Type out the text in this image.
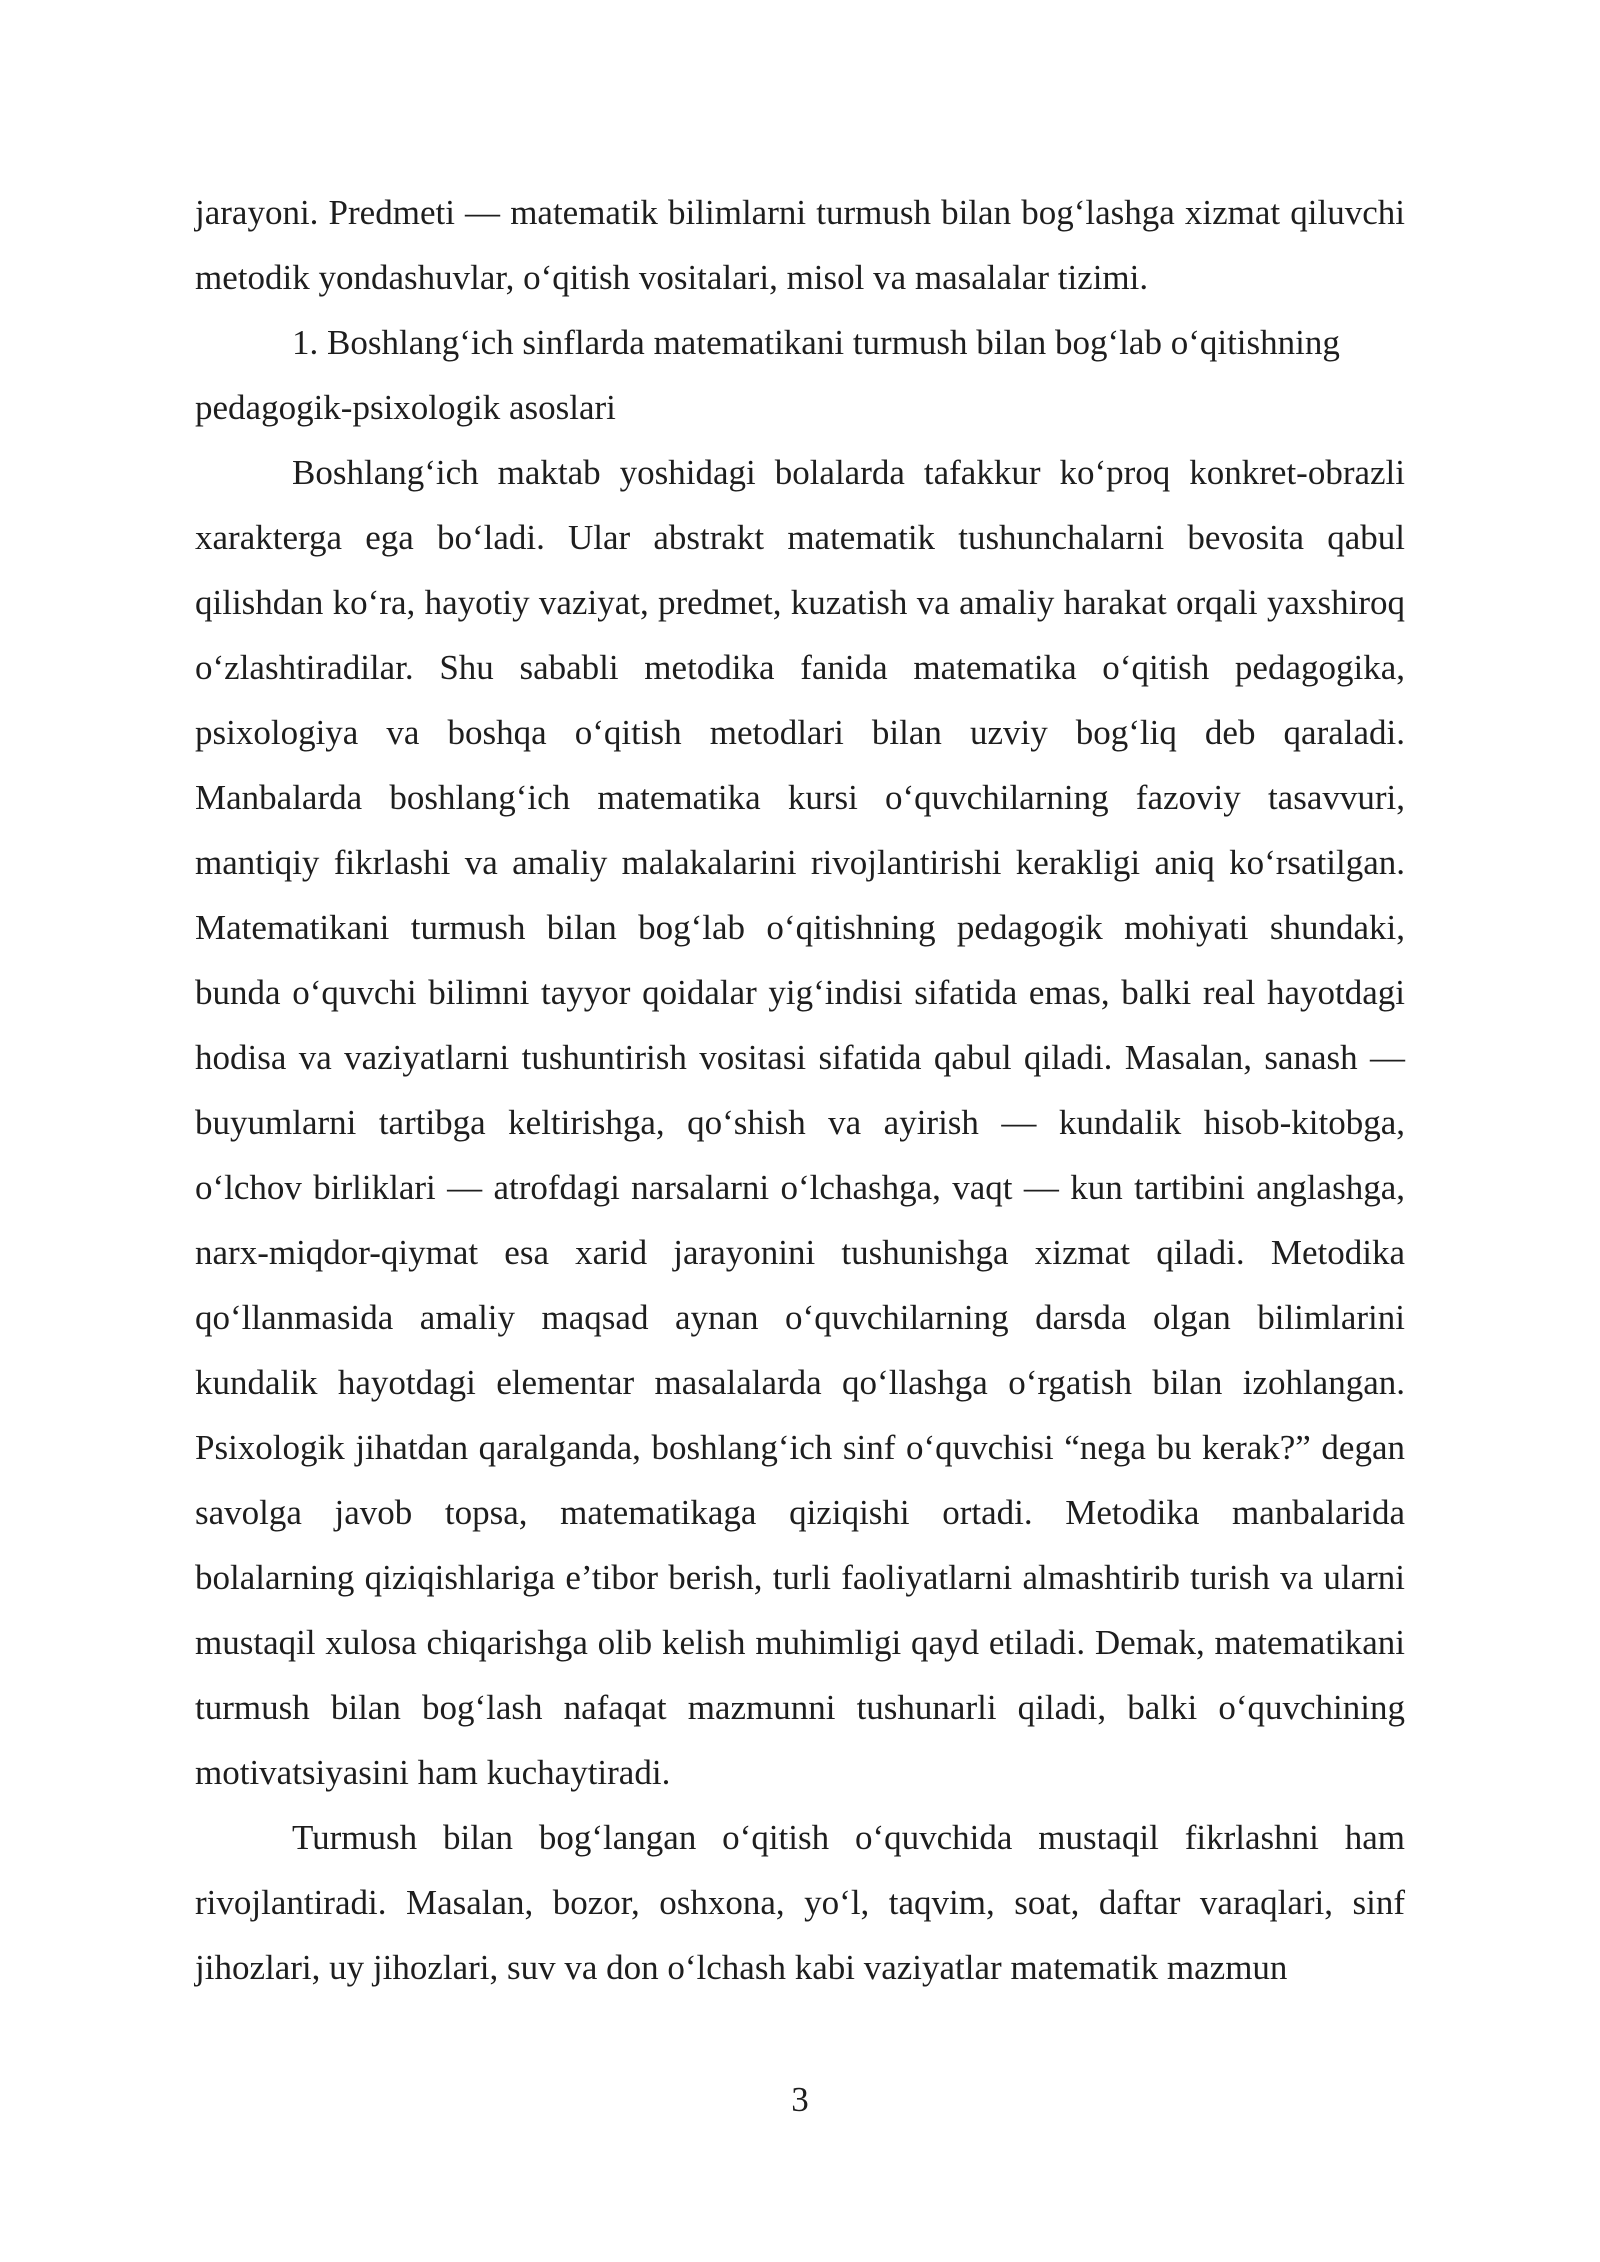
jarayoni. Predmeti — matematik bilimlarni turmush bilan bog‘lashga xizmat qiluvchi metodik yondashuvlar, o‘qitish vositalari, misol va masalalar tizimi.

1. Boshlang‘ich sinflarda matematikani turmush bilan bog‘lab o‘qitishning pedagogik-psixologik asoslari

Boshlang‘ich maktab yoshidagi bolalarda tafakkur ko‘proq konkret-obrazli xarakterga ega bo‘ladi. Ular abstrakt matematik tushunchalarni bevosita qabul qilishdan ko‘ra, hayotiy vaziyat, predmet, kuzatish va amaliy harakat orqali yaxshiroq o‘zlashtiradilar. Shu sababli metodika fanida matematika o‘qitish pedagogika, psixologiya va boshqa o‘qitish metodlari bilan uzviy bog‘liq deb qaraladi. Manbalarda boshlang‘ich matematika kursi o‘quvchilarning fazoviy tasavvuri, mantiqiy fikrlashi va amaliy malakalarini rivojlantirishi kerakligi aniq ko‘rsatilgan. Matematikani turmush bilan bog‘lab o‘qitishning pedagogik mohiyati shundaki, bunda o‘quvchi bilimni tayyor qoidalar yig‘indisi sifatida emas, balki real hayotdagi hodisa va vaziyatlarni tushuntirish vositasi sifatida qabul qiladi. Masalan, sanash — buyumlarni tartibga keltirishga, qo‘shish va ayirish — kundalik hisob-kitobga, o‘lchov birliklari — atrofdagi narsalarni o‘lchashga, vaqt — kun tartibini anglashga, narx-miqdor-qiymat esa xarid jarayonini tushunishga xizmat qiladi. Metodika qo‘llanmasida amaliy maqsad aynan o‘quvchilarning darsda olgan bilimlarini kundalik hayotdagi elementar masalalarda qo‘llashga o‘rgatish bilan izohlangan. Psixologik jihatdan qaralganda, boshlang‘ich sinf o‘quvchisi “nega bu kerak?” degan savolga javob topsa, matematikaga qiziqishi ortadi. Metodika manbalarida bolalarning qiziqishlariga e’tibor berish, turli faoliyatlarni almashtirib turish va ularni mustaqil xulosa chiqarishga olib kelish muhimligi qayd etiladi. Demak, matematikani turmush bilan bog‘lash nafaqat mazmunni tushunarli qiladi, balki o‘quvchining motivatsiyasini ham kuchaytiradi.

Turmush bilan bog‘langan o‘qitish o‘quvchida mustaqil fikrlashni ham rivojlantiradi. Masalan, bozor, oshxona, yo‘l, taqvim, soat, daftar varaqlari, sinf jihozlari, uy jihozlari, suv va don o‘lchash kabi vaziyatlar matematik mazmun

3
